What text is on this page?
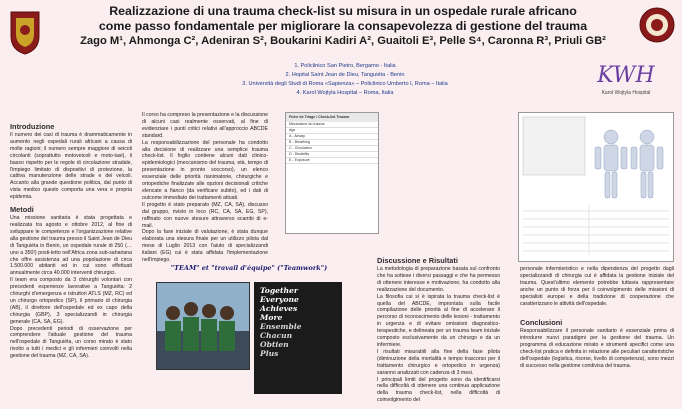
Realizzazione di una trauma check-list su misura in un ospedale rurale africano
come passo fondamentale per migliorare la consapevolezza di gestione del trauma
Zago M¹, Ahmonga C², Adeniran S², Boukarini Kadiri A², Guaitoli E³, Pelle S⁴, Caronna R³, Priuli GB²
1. Policlinico San Pietro, Bergamo - Italia
2. Hopital Saint Jean de Dieu, Tanguiéta - Benin
3. Università degli Studi di Roma «Sapienza» – Policlinico Umberto I, Roma – Italia
4. Karol Wojtyla Hospital – Roma, Italia
KWH
Karol Wojtyla Hospital
Introduzione

Il numero dei casi di trauma è drammaticamente in aumento negli ospedali rurali africani a causa di molte ragioni; il numero sempre maggiore di veicoli circolanti (soprattutto motoveicoli e moto-taxi), il basso rispetto per le regole di circolazione stradale, l'impiego limitato di dispositivi di protezione, la cattiva manutenzione delle strade e dei veicoli. Accanto alla grande questione politica, dal punto di vista medico questo comporta una vera e propria epidemia.

Metodi

Una missione sanitaria è stata progettata e realizzata tra agosto e ottobre 2012, al fine di sviluppare le competenze e l'organizzazione relative alla gestione del trauma presso il Saint Jean de Dieu di Tanguiéta in Benin, un ospedale rurale di 250 (…uno a 350!) posti-letto nell'Africa zona sub-sahariana che offre assistenza ad una popolazione di circa 1.500.000 abitanti ed in cui sono effettuati annualmente circa 40.000 interventi chirurgici.

Il team era composto da 3 chirurghi volontari con precedenti esperienze lavorative a Tanguiéta: 2 chirurghi d'emergenza e istruttori ATLS (MZ, RC) ed un chirurgo ortopedico (SP), il primario di chirurgia (AB), il direttore dell'ospedale ed ex capo della chirurgia (GBP), 3 specializzandi in chirurgia generale (CA, SA, EG).

Dopo precedenti periodi di osservazione per comprendere l'attuale gestione del trauma nell'ospedale di Tanguiéta, un corso mirato è stato rivolto a tutti i medici e gli infermieri coinvolti nella gestione del trauma (MZ, CA, SA).

Il corso ha compreso la presentazione e la discussione di alcuni casi realmente osservati, al fine di evidenziare i punti critici relativi all'approccio ABCDE standard.

La responsabilizzazione del personale ha condotto alla decisione di realizzare una semplice trauma check-list. Il foglio contiene alcuni dati clinico-epidemiologici (meccanismo del trauma, età, tempo di presentazione in pronto soccorso), un elenco essenziale delle priorità rianimatorie, chirurgiche e ortopediche finalizzate alle opzioni decisionali critiche elencate a fianco (da verificare subito), ed i dati di outcome immediato dei trattamenti attuati.

Il progetto è stato preparato (MZ, CA, SA), discusso dal gruppo, rivisto in loco (RC, CA, SA, EG, SP), raffinato con nuove stesure attraverso scambi di e-mail.

Dopo la fase iniziale di valutazione, è stata dunque elaborata una stesura finale per un utilizzo pilota dal mese di Luglio 2013 con l'aiuto di specializzandi italiani (EG) cui è stata affidata l'implementazione nell'impiego.

Fiche de Triage / Check-list Trauma
Mecanisme du trauma
Age
A - Airway
B - Breathing
C - Circulation
D - Disability
E - Exposure
"TEAM" et "travail d'équipe" ("Teamwork")
Together
Everyone
Achieves
More
Ensemble
Chacun
Obtien
Plus
Discussione e Risultati

La metodologia di preparazione basata sul confronto che ha sottese i diversi passaggi e che ha permesso di ottenere interesse e motivazione, ha condotto alla realizzazione del documento.

La filosofia cui si è ispirata la trauma check-list è quella del ABCDE, improntata sulla facile compilazione delle priorità al fine di accelerare il percorso di riconoscimento delle lesioni - trattamento in urgenza e di evitare omissioni diagnostico-terapeutiche, e delineata per un trauma team iniziale composto esclusivamente da un chirurgo e da un infermiere.

I risultati misurabili alla fine della fase pilota (diminuzione della mortalità e tempo trascorso per il trattamento chirurgico e ortopedico in urgenza) saranno analizzati con cadenza di 3 mesi.

I principali limiti del progetto sono da identificarsi nella difficoltà di ottenere una continua applicazione della trauma check-list, nella difficoltà di coinvolgimento del

personale infermieristico e nella dipendenza del progetto dagli specializzandi di chirurgia cui è affidata la gestione iniziale del trauma. Quest'ultimo elemento potrebbe tuttavia rappresentare anche un punto di forza per il coinvolgimento delle missioni di specialisti europei e della tradizione di cooperazione che caratterizzano le attività dell'ospedale.

Conclusioni

Responsabilizzare il personale sanitario è essenziale prima di introdurre nuovi paradigmi per la gestione del trauma. Un programma di educazione mirato e strumenti specifici come una check-list pratica e definita in relazione alle peculiari caratteristiche dell'ospedale (logistica, risorse, livello di competenza), sono mezzi di successo nella gestione condivisa del trauma.
